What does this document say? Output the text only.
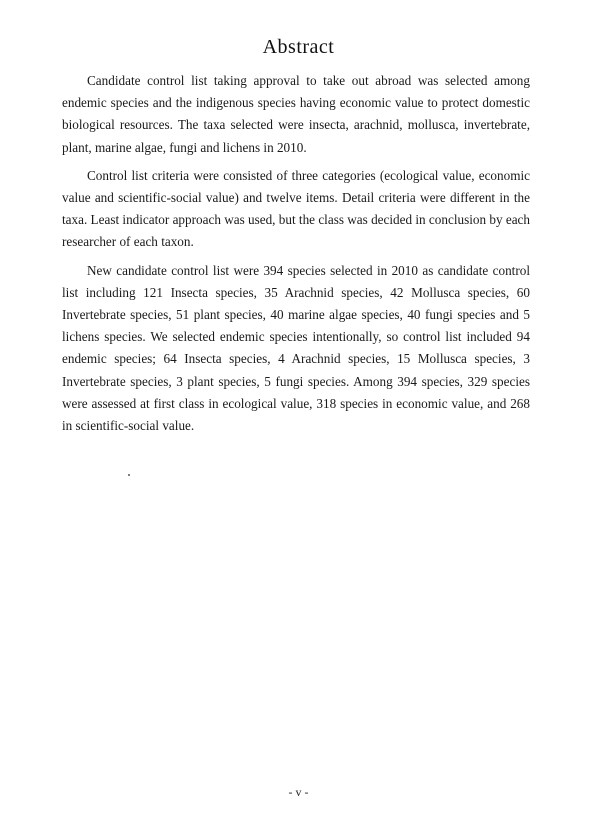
Abstract

Candidate control list taking approval to take out abroad was selected among endemic species and the indigenous species having economic value to protect domestic biological resources. The taxa selected were insecta, arachnid, mollusca, invertebrate, plant, marine algae, fungi and lichens in 2010.

Control list criteria were consisted of three categories (ecological value, economic value and scientific-social value) and twelve items. Detail criteria were different in the taxa. Least indicator approach was used, but the class was decided in conclusion by each researcher of each taxon.

New candidate control list were 394 species selected in 2010 as candidate control list including 121 Insecta species, 35 Arachnid species, 42 Mollusca species, 60 Invertebrate species, 51 plant species, 40 marine algae species, 40 fungi species and 5 lichens species. We selected endemic species intentionally, so control list included 94 endemic species; 64 Insecta species, 4 Arachnid species, 15 Mollusca species, 3 Invertebrate species, 3 plant species, 5 fungi species. Among 394 species, 329 species were assessed at first class in ecological value, 318 species in economic value, and 268 in scientific-social value.

- v -
